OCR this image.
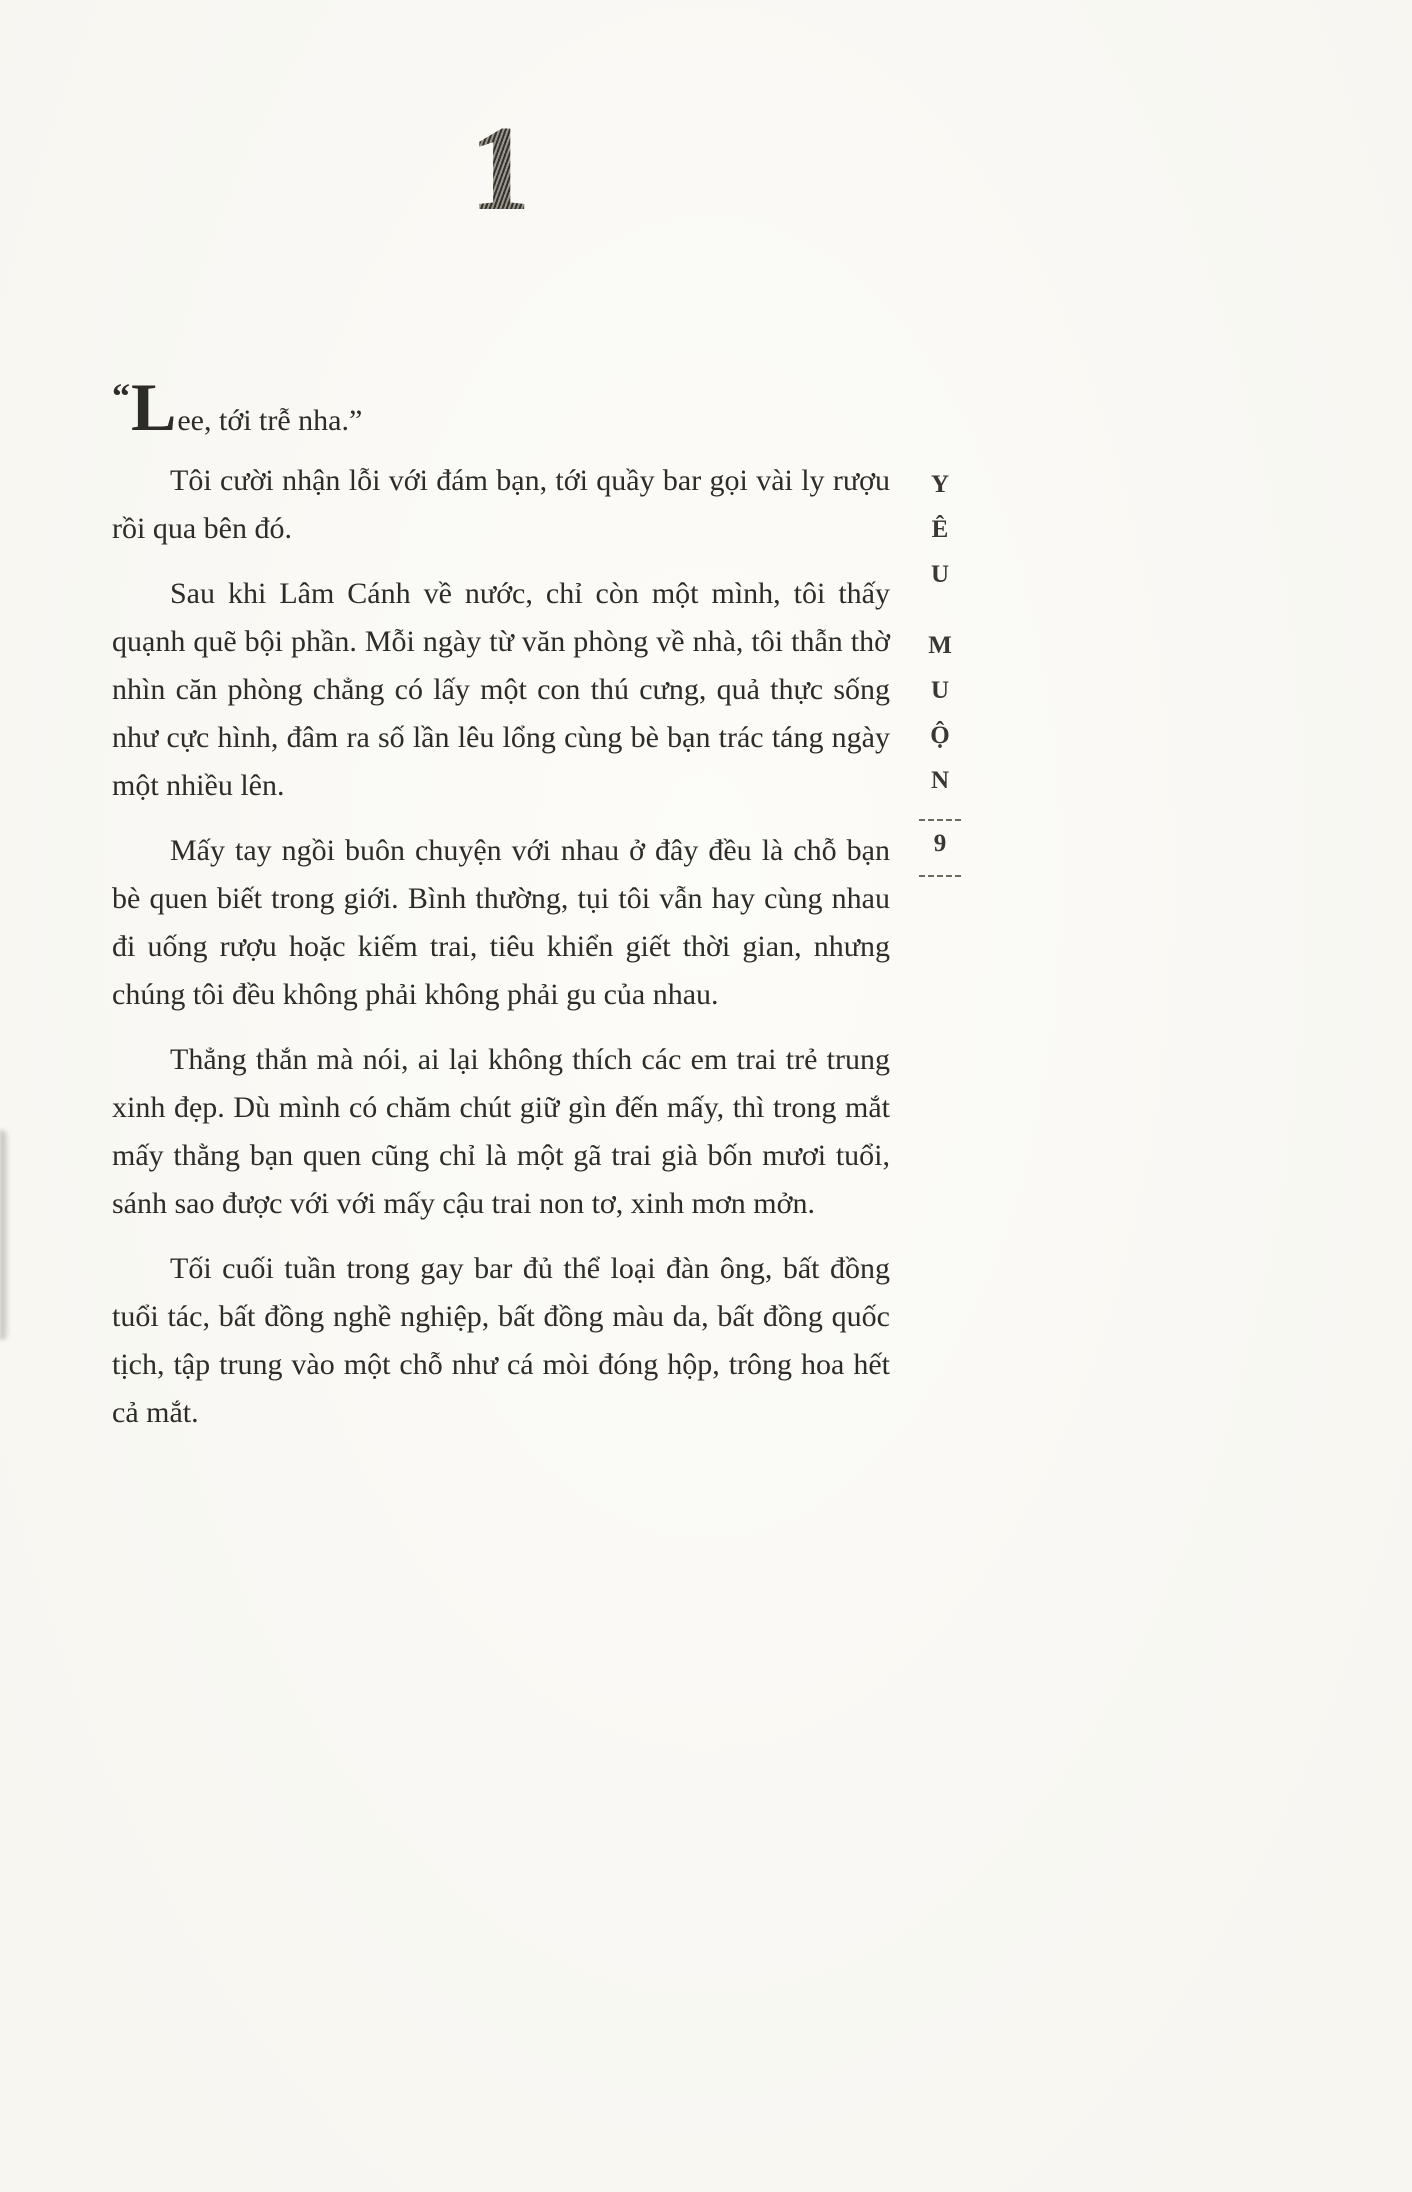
1

“Lee, tới trễ nha.”

Tôi cười nhận lỗi với đám bạn, tới quầy bar gọi vài ly rượu rồi qua bên đó.

Sau khi Lâm Cánh về nước, chỉ còn một mình, tôi thấy quạnh quẽ bội phần. Mỗi ngày từ văn phòng về nhà, tôi thẫn thờ nhìn căn phòng chẳng có lấy một con thú cưng, quả thực sống như cực hình, đâm ra số lần lêu lổng cùng bè bạn trác táng ngày một nhiều lên.

Mấy tay ngồi buôn chuyện với nhau ở đây đều là chỗ bạn bè quen biết trong giới. Bình thường, tụi tôi vẫn hay cùng nhau đi uống rượu hoặc kiếm trai, tiêu khiển giết thời gian, nhưng chúng tôi đều không phải không phải gu của nhau.

Thẳng thắn mà nói, ai lại không thích các em trai trẻ trung xinh đẹp. Dù mình có chăm chút giữ gìn đến mấy, thì trong mắt mấy thằng bạn quen cũng chỉ là một gã trai già bốn mươi tuổi, sánh sao được với với mấy cậu trai non tơ, xinh mơn mởn.

Tối cuối tuần trong gay bar đủ thể loại đàn ông, bất đồng tuổi tác, bất đồng nghề nghiệp, bất đồng màu da, bất đồng quốc tịch, tập trung vào một chỗ như cá mòi đóng hộp, trông hoa hết cả mắt.

Y
Ê
U
M
U
Ộ
N
9
